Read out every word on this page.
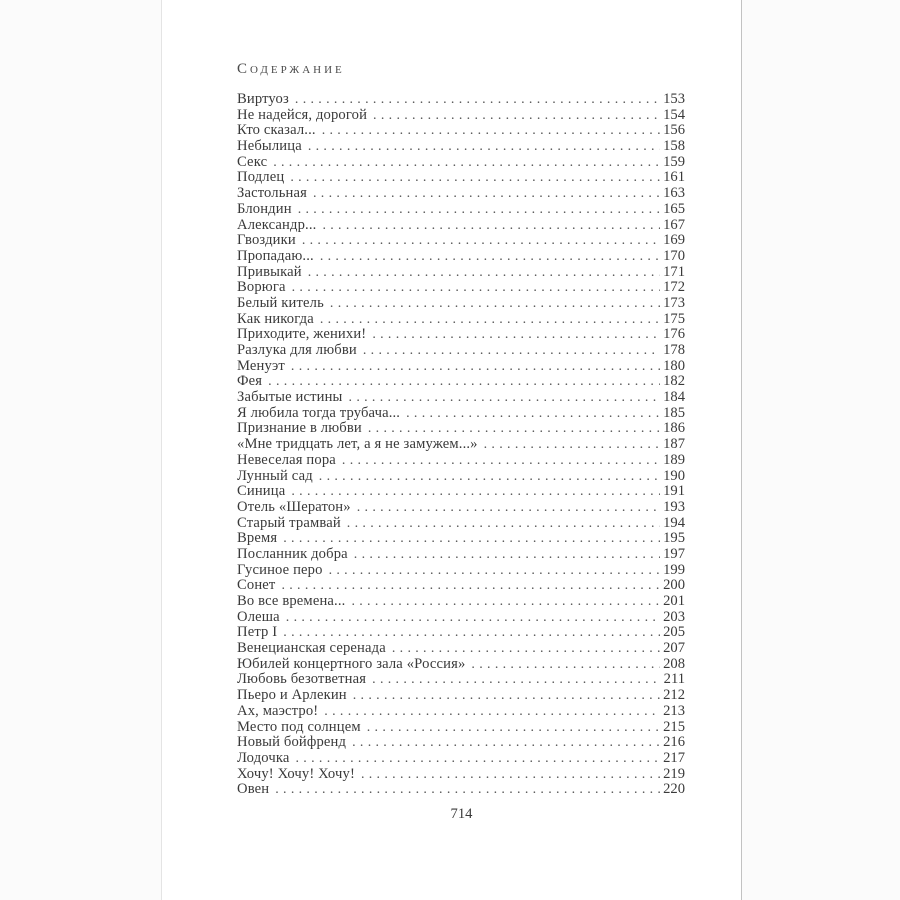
Содержание
Виртуоз . . .	153
Не надейся, дорогой . . .	154
Кто сказал... . . .	156
Небылица . . .	158
Секс . . .	159
Подлец . . .	161
Застольная . . .	163
Блондин . . .	165
Александр... . . .	167
Гвоздики . . .	169
Пропадаю... . . .	170
Привыкай . . .	171
Ворюга . . .	172
Белый китель . . .	173
Как никогда . . .	175
Приходите, женихи! . . .	176
Разлука для любви . . .	178
Менуэт . . .	180
Фея . . .	182
Забытые истины . . .	184
Я любила тогда трубача... . . .	185
Признание в любви . . .	186
«Мне тридцать лет, а я не замужем...» . . .	187
Невеселая пора . . .	189
Лунный сад . . .	190
Синица . . .	191
Отель «Шератон» . . .	193
Старый трамвай . . .	194
Время . . .	195
Посланник добра . . .	197
Гусиное перо . . .	199
Сонет . . .	200
Во все времена... . . .	201
Олеша . . .	203
Петр I . . .	205
Венецианская серенада . . .	207
Юбилей концертного зала «Россия» . . .	208
Любовь безответная . . .	211
Пьеро и Арлекин . . .	212
Ах, маэстро! . . .	213
Место под солнцем . . .	215
Новый бойфренд . . .	216
Лодочка . . .	217
Хочу! Хочу! Хочу! . . .	219
Овен . . .	220
714
